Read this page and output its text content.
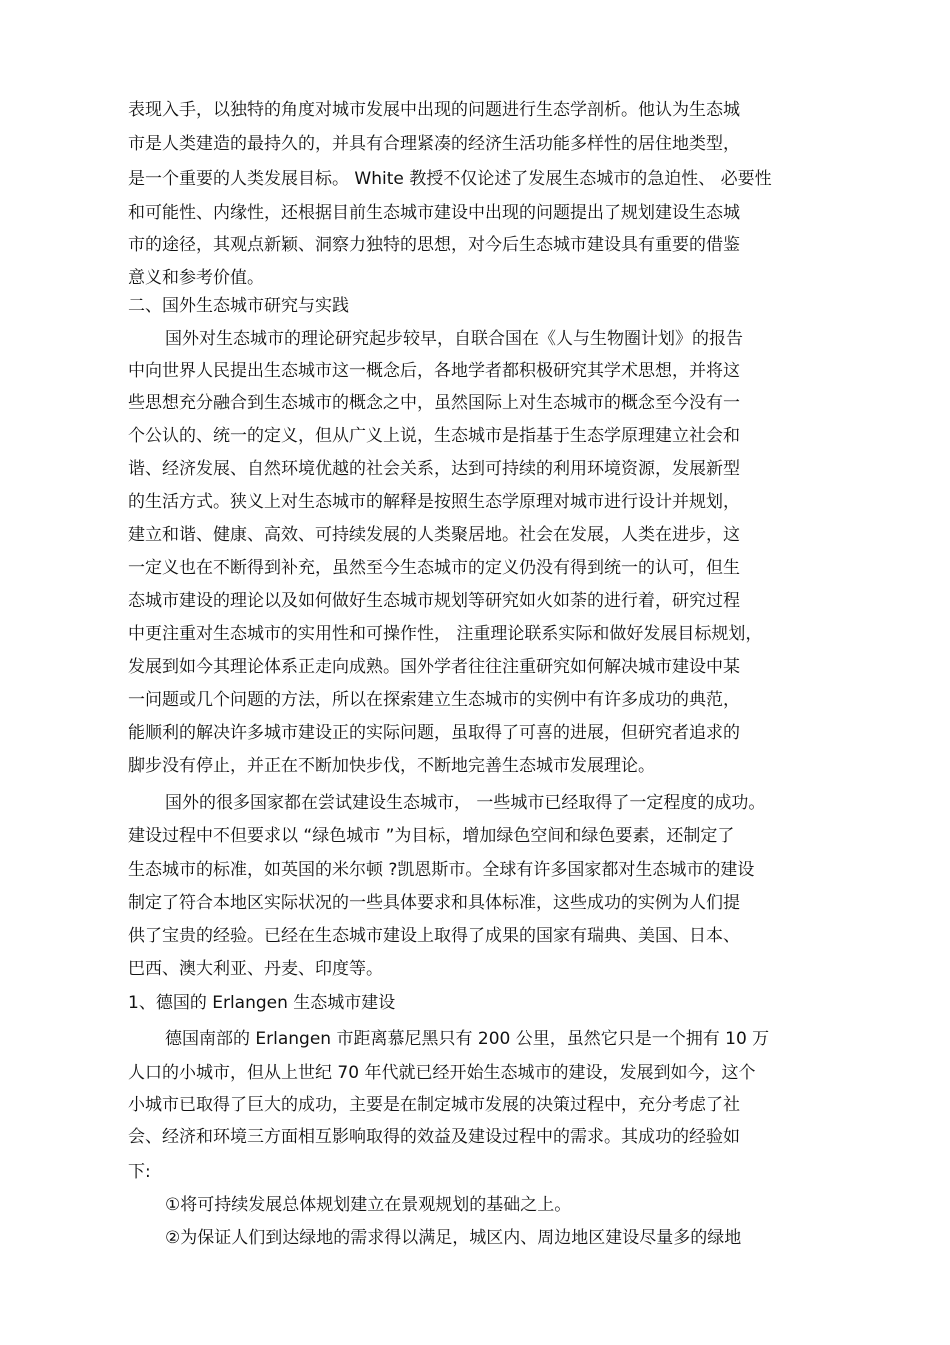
表现入手，以独特的角度对城市发展中出现的问题进行生态学剖析。他认为生态城

市是人类建造的最持久的，并具有合理紧凑的经济生活功能多样性的居住地类型，

是一个重要的人类发展目标。 White 教授不仅论述了发展生态城市的急迫性、 必要性

和可能性、内缘性，还根据目前生态城市建设中出现的问题提出了规划建设生态城

市的途径，其观点新颖、洞察力独特的思想，对今后生态城市建设具有重要的借鉴

意义和参考价值。

二、国外生态城市研究与实践

国外对生态城市的理论研究起步较早，自联合国在《人与生物圈计划》的报告

中向世界人民提出生态城市这一概念后，各地学者都积极研究其学术思想，并将这

些思想充分融合到生态城市的概念之中，虽然国际上对生态城市的概念至今没有一

个公认的、统一的定义，但从广义上说，生态城市是指基于生态学原理建立社会和

谐、经济发展、自然环境优越的社会关系，达到可持续的利用环境资源，发展新型

的生活方式。狭义上对生态城市的解释是按照生态学原理对城市进行设计并规划，

建立和谐、健康、高效、可持续发展的人类聚居地。社会在发展，人类在进步，这

一定义也在不断得到补充，虽然至今生态城市的定义仍没有得到统一的认可，但生

态城市建设的理论以及如何做好生态城市规划等研究如火如荼的进行着，研究过程

中更注重对生态城市的实用性和可操作性， 注重理论联系实际和做好发展目标规划，

发展到如今其理论体系正走向成熟。国外学者往往注重研究如何解决城市建设中某

一问题或几个问题的方法，所以在探索建立生态城市的实例中有许多成功的典范，

能顺利的解决许多城市建设正的实际问题，虽取得了可喜的进展，但研究者追求的

脚步没有停止，并正在不断加快步伐，不断地完善生态城市发展理论。

国外的很多国家都在尝试建设生态城市， 一些城市已经取得了一定程度的成功。

建设过程中不但要求以 “绿色城市 ”为目标，增加绿色空间和绿色要素，还制定了

生态城市的标准，如英国的米尔顿 ?凯恩斯市。全球有许多国家都对生态城市的建设

制定了符合本地区实际状况的一些具体要求和具体标准，这些成功的实例为人们提

供了宝贵的经验。已经在生态城市建设上取得了成果的国家有瑞典、美国、日本、

巴西、澳大利亚、丹麦、印度等。

1、德国的 Erlangen 生态城市建设

德国南部的 Erlangen 市距离慕尼黑只有 200 公里，虽然它只是一个拥有 10 万

人口的小城市，但从上世纪 70 年代就已经开始生态城市的建设，发展到如今，这个

小城市已取得了巨大的成功，主要是在制定城市发展的决策过程中，充分考虑了社

会、经济和环境三方面相互影响取得的效益及建设过程中的需求。其成功的经验如

下:

①将可持续发展总体规划建立在景观规划的基础之上。

②为保证人们到达绿地的需求得以满足，城区内、周边地区建设尽量多的绿地
